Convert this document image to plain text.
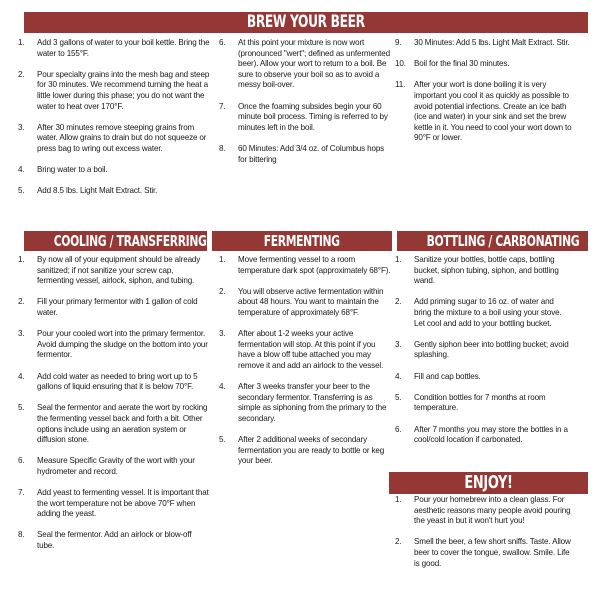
BREW YOUR BEER
1. Add 3 gallons of water to your boil kettle. Bring the water to 155°F.
2. Pour specialty grains into the mesh bag and steep for 30 minutes. We recommend turning the heat a little lower during this phase; you do not want the water to heat over 170°F.
3. After 30 minutes remove steeping grains from water. Allow grains to drain but do not squeeze or press bag to wring out excess water.
4. Bring water to a boil.
5. Add 8.5 lbs. Light Malt Extract. Stir.
6. At this point your mixture is now wort (pronounced "wert"; defined as unfermented beer). Allow your wort to return to a boil. Be sure to observe your boil so as to avoid a messy boil-over.
7. Once the foaming subsides begin your 60 minute boil process. Timing is referred to by minutes left in the boil.
8. 60 Minutes: Add 3/4 oz. of Columbus hops for bittering
9. 30 Minutes: Add 5 lbs. Light Malt Extract. Stir.
10. Boil for the final 30 minutes.
11. After your wort is done boiling it is very important you cool it as quickly as possible to avoid potential infections. Create an ice bath (ice and water) in your sink and set the brew kettle in it. You need to cool your wort down to 90°F or lower.
COOLING / TRANSFERRING	FERMENTING	BOTTLING / CARBONATING
1. By now all of your equipment should be already sanitized; if not sanitize your screw cap, fermenting vessel, airlock, siphon, and tubing.
2. Fill your primary fermentor with 1 gallon of cold water.
3. Pour your cooled wort into the primary fermentor. Avoid dumping the sludge on the bottom into your fermentor.
4. Add cold water as needed to bring wort up to 5 gallons of liquid ensuring that it is below 70°F.
5. Seal the fermentor and aerate the wort by rocking the fermenting vessel back and forth a bit. Other options include using an aeration system or diffusion stone.
6. Measure Specific Gravity of the wort with your hydrometer and record.
7. Add yeast to fermenting vessel. It is important that the wort temperature not be above 70°F when adding the yeast.
8. Seal the fermentor. Add an airlock or blow-off tube.
1. Move fermenting vessel to a room temperature dark spot (approximately 68°F).
2. You will observe active fermentation within about 48 hours. You want to maintain the temperature of approximately 68°F.
3. After about 1-2 weeks your active fermentation will stop. At this point if you have a blow off tube attached you may remove it and add an airlock to the vessel.
4. After 3 weeks transfer your beer to the secondary fermentor. Transferring is as simple as siphoning from the primary to the secondary.
5. After 2 additional weeks of secondary fermentation you are ready to bottle or keg your beer.
1. Sanitize your bottles, bottle caps, bottling bucket, siphon tubing, siphon, and bottling wand.
2. Add priming sugar to 16 oz. of water and bring the mixture to a boil using your stove. Let cool and add to your bottling bucket.
3. Gently siphon beer into bottling bucket; avoid splashing.
4. Fill and cap bottles.
5. Condition bottles for 7 months at room temperature.
6. After 7 months you may store the bottles in a cool/cold location if carbonated.
ENJOY!
1. Pour your homebrew into a clean glass. For aesthetic reasons many people avoid pouring the yeast in but it won't hurt you!
2. Smell the beer, a few short sniffs. Taste. Allow beer to cover the tongue, swallow. Smile. Life is good.
